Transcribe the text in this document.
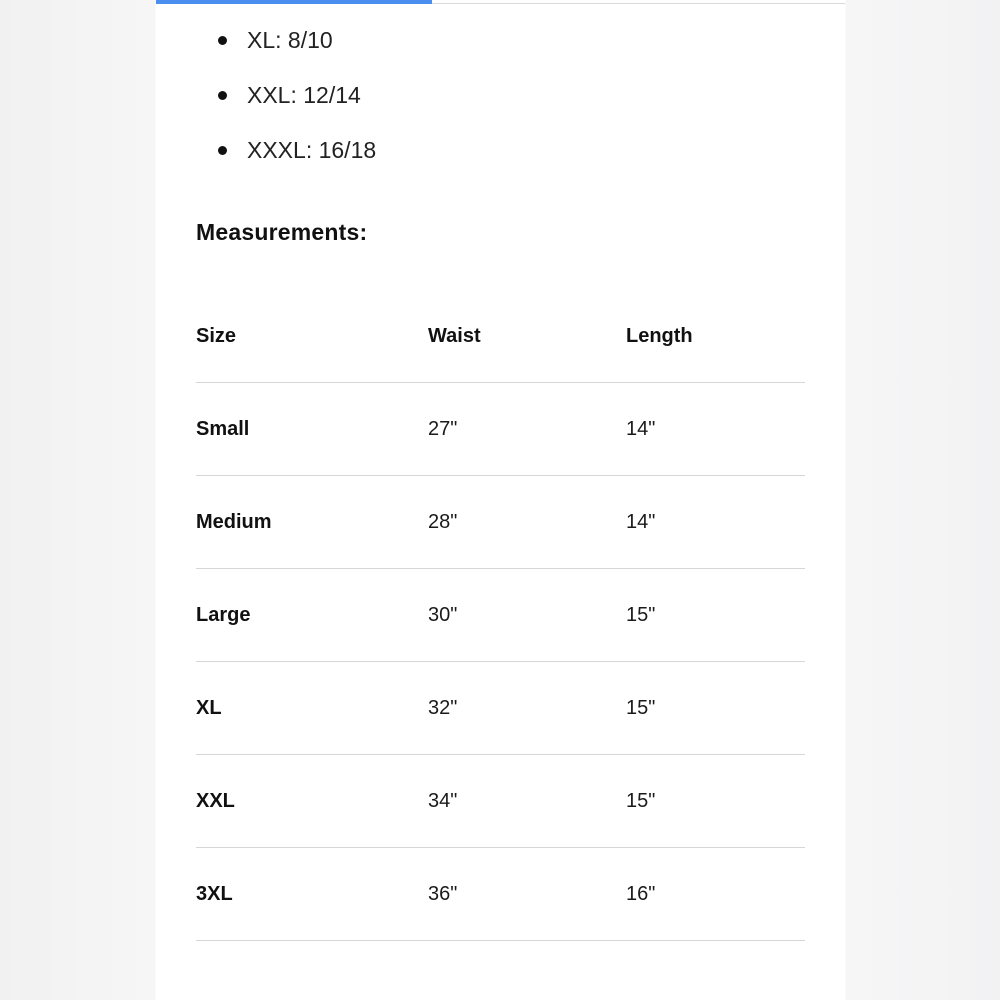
XL: 8/10
XXL: 12/14
XXXL: 16/18
Measurements:
Size	Waist	Length
Small	27"	14"
Medium	28"	14"
Large	30"	15"
XL	32"	15"
XXL	34"	15"
3XL	36"	16"
